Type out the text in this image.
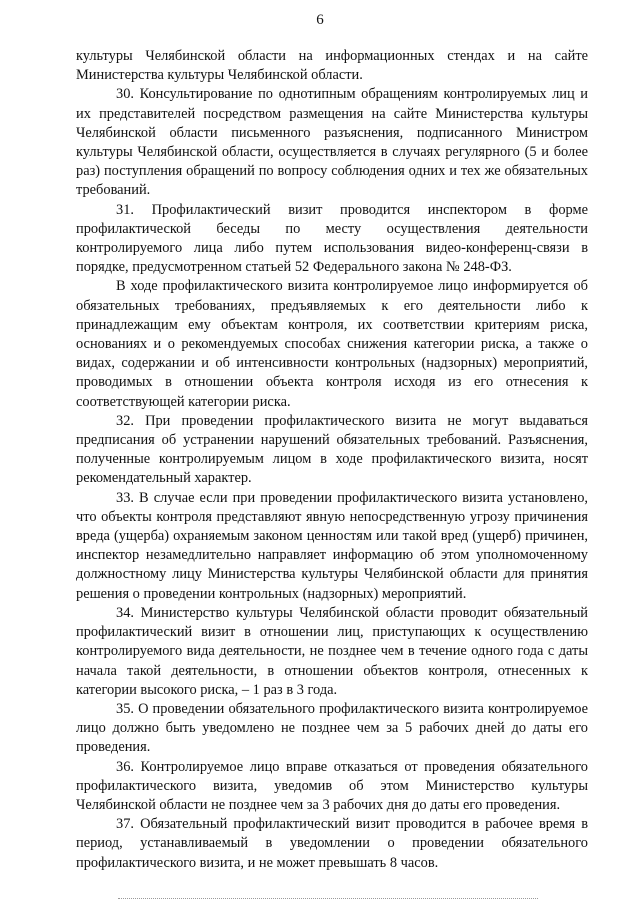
6

культуры Челябинской области на информационных стендах и на сайте Министерства культуры Челябинской области.

30. Консультирование по однотипным обращениям контролируемых лиц и их представителей посредством размещения на сайте Министерства культуры Челябинской области письменного разъяснения, подписанного Министром культуры Челябинской области, осуществляется в случаях регулярного (5 и более раз) поступления обращений по вопросу соблюдения одних и тех же обязательных требований.

31. Профилактический визит проводится инспектором в форме профилактической беседы по месту осуществления деятельности контролируемого лица либо путем использования видео-конференц-связи в порядке, предусмотренном статьей 52 Федерального закона № 248-ФЗ.

В ходе профилактического визита контролируемое лицо информируется об обязательных требованиях, предъявляемых к его деятельности либо к принадлежащим ему объектам контроля, их соответствии критериям риска, основаниях и о рекомендуемых способах снижения категории риска, а также о видах, содержании и об интенсивности контрольных (надзорных) мероприятий, проводимых в отношении объекта контроля исходя из его отнесения к соответствующей категории риска.

32. При проведении профилактического визита не могут выдаваться предписания об устранении нарушений обязательных требований. Разъяснения, полученные контролируемым лицом в ходе профилактического визита, носят рекомендательный характер.

33. В случае если при проведении профилактического визита установлено, что объекты контроля представляют явную непосредственную угрозу причинения вреда (ущерба) охраняемым законом ценностям или такой вред (ущерб) причинен, инспектор незамедлительно направляет информацию об этом уполномоченному должностному лицу Министерства культуры Челябинской области для принятия решения о проведении контрольных (надзорных) мероприятий.

34. Министерство культуры Челябинской области проводит обязательный профилактический визит в отношении лиц, приступающих к осуществлению контролируемого вида деятельности, не позднее чем в течение одного года с даты начала такой деятельности, в отношении объектов контроля, отнесенных к категории высокого риска, – 1 раз в 3 года.

35. О проведении обязательного профилактического визита контролируемое лицо должно быть уведомлено не позднее чем за 5 рабочих дней до даты его проведения.

36. Контролируемое лицо вправе отказаться от проведения обязательного профилактического визита, уведомив об этом Министерство культуры Челябинской области не позднее чем за 3 рабочих дня до даты его проведения.

37. Обязательный профилактический визит проводится в рабочее время в период, устанавливаемый в уведомлении о проведении обязательного профилактического визита, и не может превышать 8 часов.
